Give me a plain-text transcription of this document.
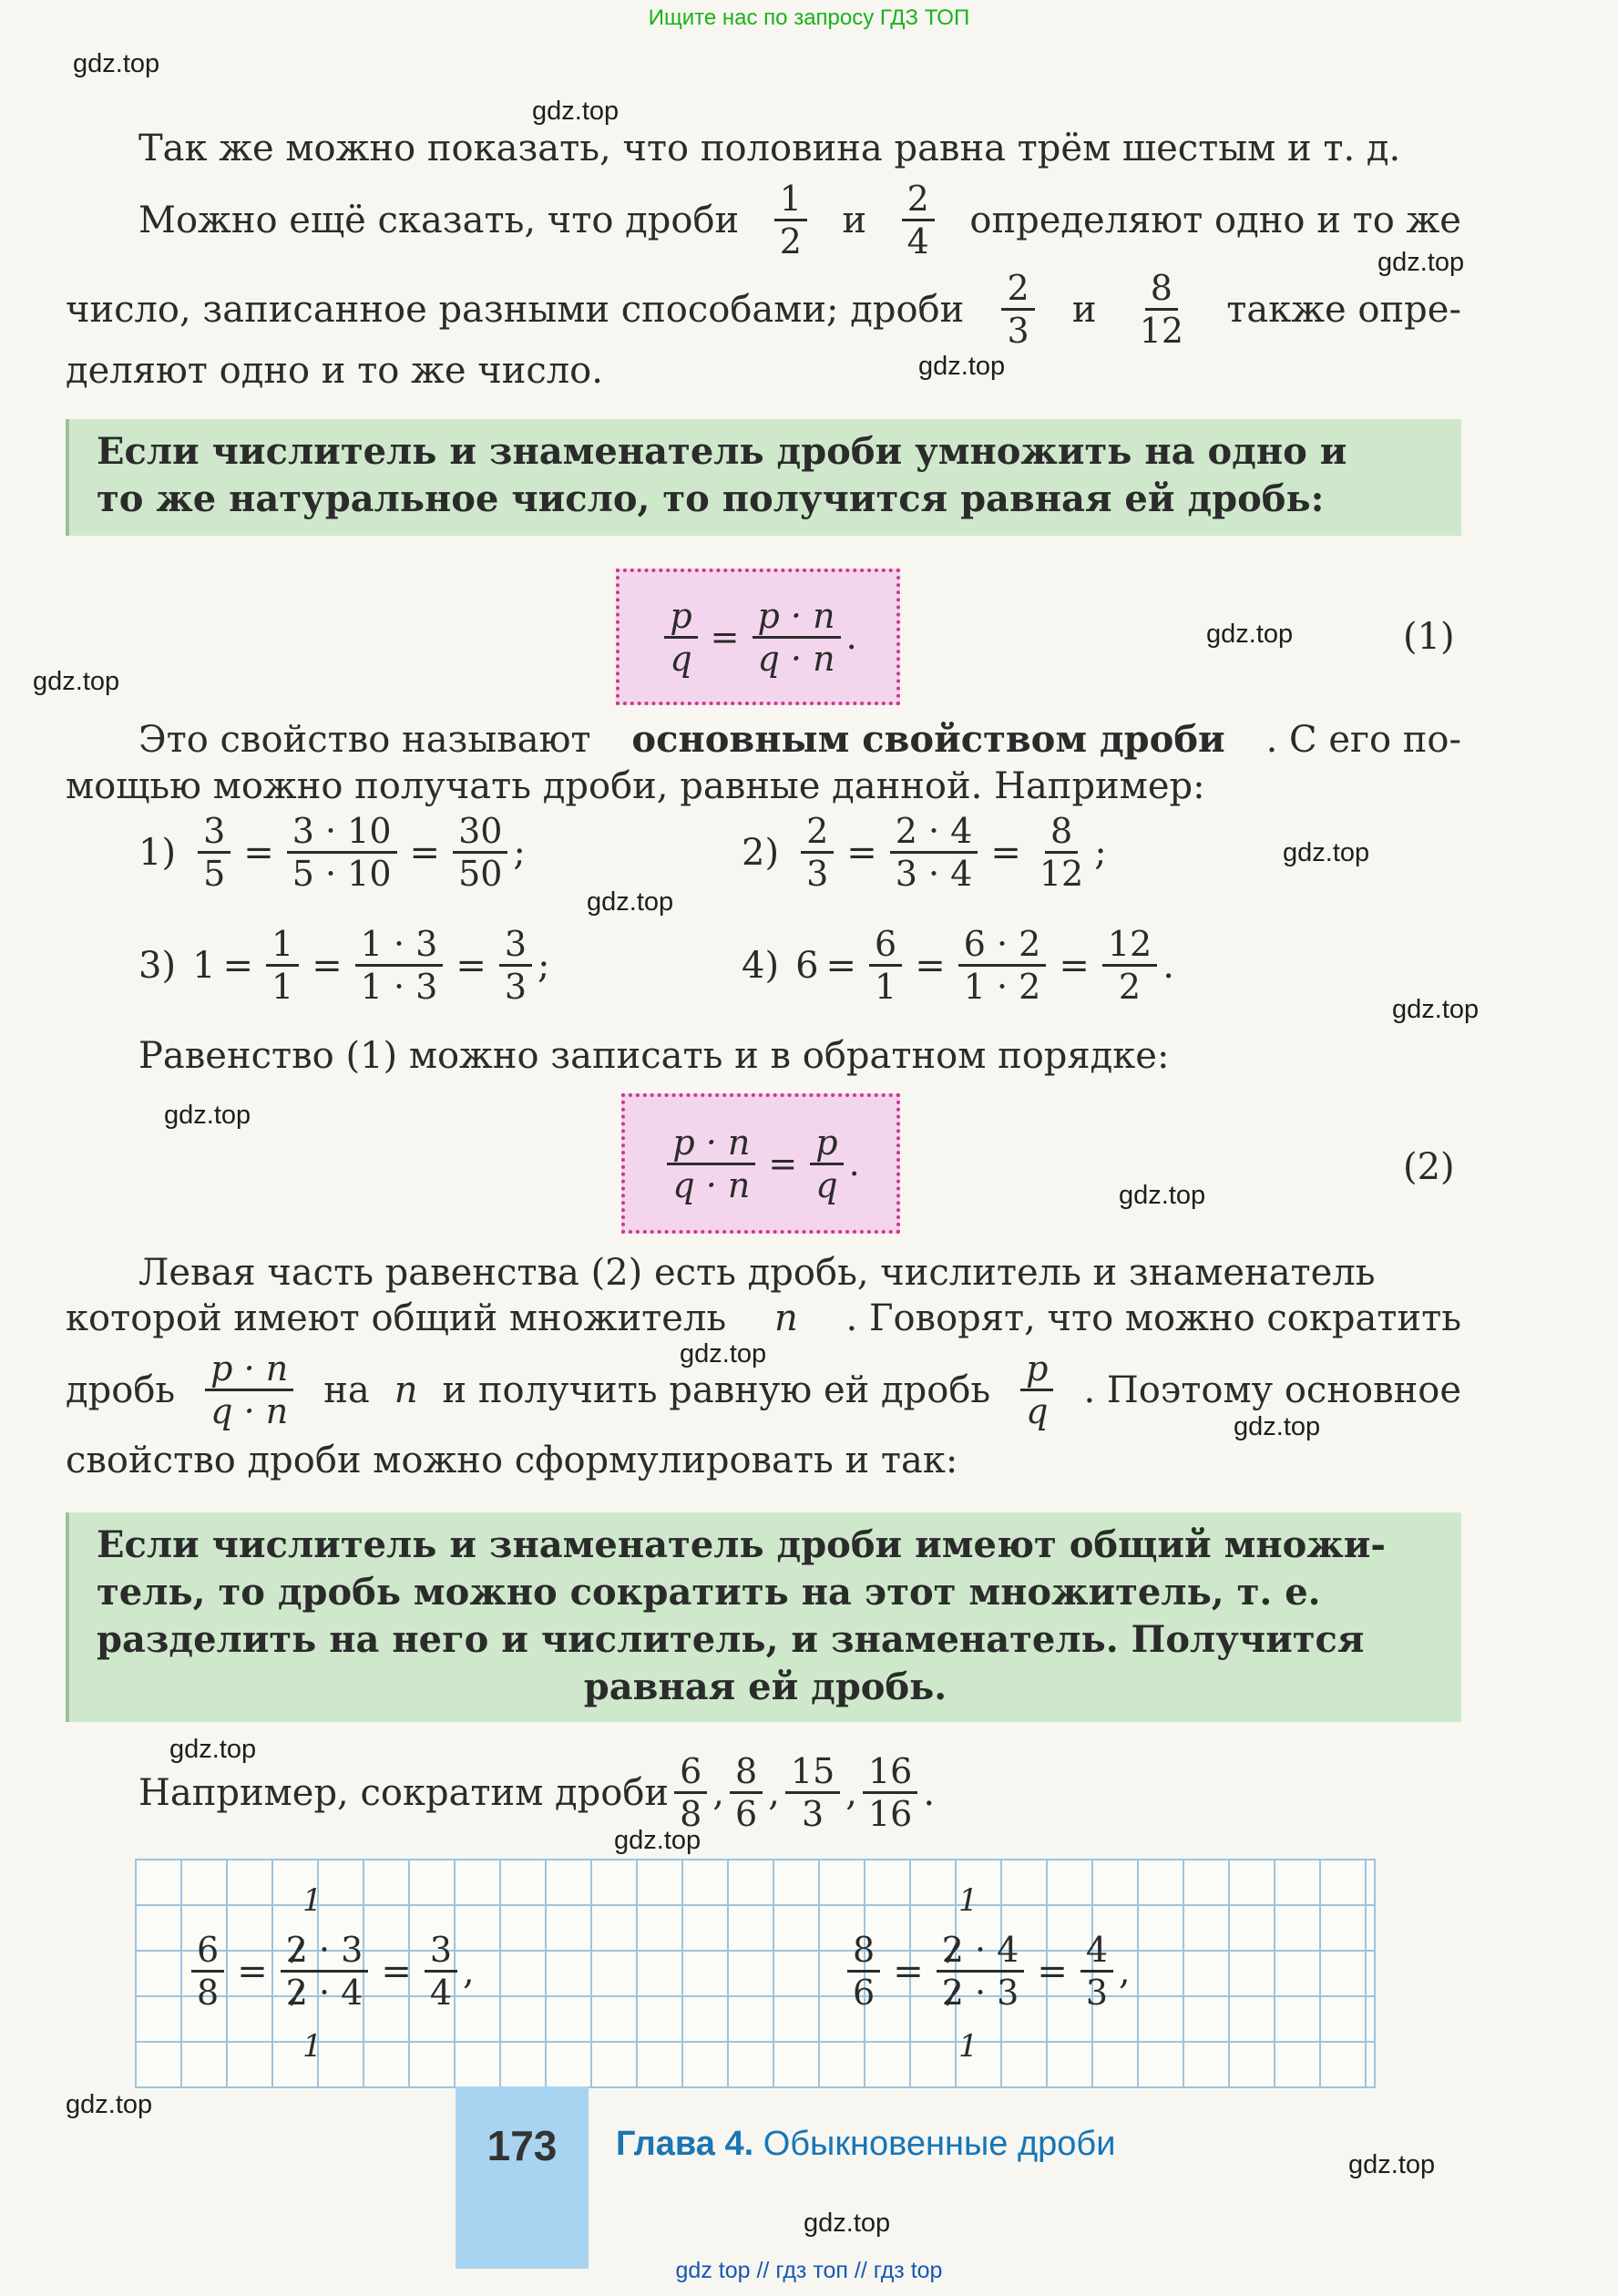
Ищите нас по запросу ГДЗ ТОП
gdz.top
gdz.top
gdz.top
gdz.top
gdz.top
gdz.top
gdz.top
gdz.top
gdz.top
gdz.top
gdz.top
gdz.top
gdz.top
gdz.top
gdz.top
gdz.top
gdz.top
gdz.top
Так же можно показать, что половина равна трём шестым и т. д.
Можно ещё сказать, что дроби $\frac{1}{2}$ и $\frac{2}{4}$ определяют одно и то же
число, записанное разными способами; дроби $\frac{2}{3}$ и $\frac{8}{12}$ также опре-
деляют одно и то же число.
Если числитель и знаменатель дроби умножить на одно и
то же натуральное число, то получится равная ей дробь:
$\frac{p}{q} = \frac{p \cdot n}{q \cdot n}$ .	(1)
Это свойство называют основным свойством дроби . С его по-
мощью можно получать дроби, равные данной. Например:
$1) \frac{3}{5} = \frac{3 \cdot 10}{5 \cdot 10} = \frac{30}{50}$ ;	$2) \frac{2}{3} = \frac{2 \cdot 4}{3 \cdot 4} = \frac{8}{12}$ ;
3) $1 = \frac{1}{1} = \frac{1 \cdot 3}{1 \cdot 3} = \frac{3}{3}$ ;	4) $6 = \frac{6}{1} = \frac{6 \cdot 2}{1 \cdot 2} = \frac{12}{2}$ .
Равенство (1) можно записать и в обратном порядке:
$\frac{p \cdot n}{q \cdot n} = \frac{p}{q}$ .	(2)
Левая часть равенства (2) есть дробь, числитель и знаменатель
которой имеют общий множитель n . Говорят, что можно сократить
дробь $\frac{p \cdot n}{q \cdot n}$ на n и получить равную ей дробь $\frac{p}{q}$ . Поэтому основное
свойство дроби можно сформулировать и так:
Если числитель и знаменатель дроби имеют общий множи-
тель, то дробь можно сократить на этот множитель, т. е.
разделить на него и числитель, и знаменатель. Получится
равная ей дробь.
Например, сократим дроби $\frac{6}{8}$ , $\frac{8}{6}$ , $\frac{15}{3}$ , $\frac{16}{16}$ .
1
1
$\frac{6}{8} = \frac{2 \cdot 3}{2 \cdot 4} = \frac{3}{4}$ ,
1
1
$\frac{8}{6} = \frac{2 \cdot 4}{2 \cdot 3} = \frac{4}{3}$ ,
173	Глава 4. Обыкновенные дроби
gdz top // гдз топ // гдз top
